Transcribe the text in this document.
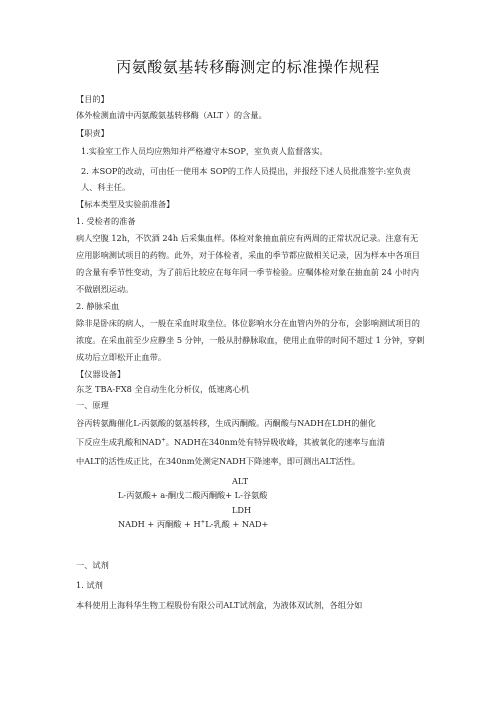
丙氨酸氨基转移酶测定的标准操作规程
【目的】
体外检测血清中丙氨酸氨基转移酶（ALT ）的含量。
【职责】
1.实验室工作人员均应熟知并严格遵守本SOP，室负责人监督落实。
2. 本SOP的改动，可由任一使用本 SOP的工作人员提出，并报经下述人员批准签字:室负责
人、科主任。
【标本类型及实验前准备】
1. 受检者的准备
病人空腹 12h，不饮酒 24h 后采集血样。体检对象抽血前应有两周的正常状况记录。注意有无
应用影响测试项目的药物。此外，对于体检者，采血的季节都应做相关记录，因为样本中各项目
的含量有季节性变动，为了前后比较应在每年同一季节检验。应嘱体检对象在抽血前 24 小时内
不做剧烈运动。
2. 静脉采血
除非是卧床的病人，一般在采血时取坐位。体位影响水分在血管内外的分布，会影响测试项目的
浓度。在采血前至少应静坐 5 分钟，一般从肘静脉取血，使用止血带的时间不超过 1 分钟，穿刺
成功后立即松开止血带。
【仪器设备】
东芝 TBA-FX8 全自动生化分析仪，低速离心机
一、原理
谷丙转氨酶催化L-丙氨酸的氨基转移，生成丙酮酸。丙酮酸与NADH在LDH的催化
下反应生成乳酸和NAD+。NADH在340nm处有特异吸收峰，其被氧化的速率与血清
中ALT的活性成正比，在340nm处测定NADH下降速率，即可测出ALT活性。
ALT
L-丙氨酸+ a-酮戊二酸丙酮酸+ L-谷氨酸
LDH
NADH + 丙酮酸 + H+L-乳酸 + NAD+
一、试剂
1. 试剂
本科使用上海科华生物工程股份有限公司ALT试剂盒，为液体双试剂，各组分如
